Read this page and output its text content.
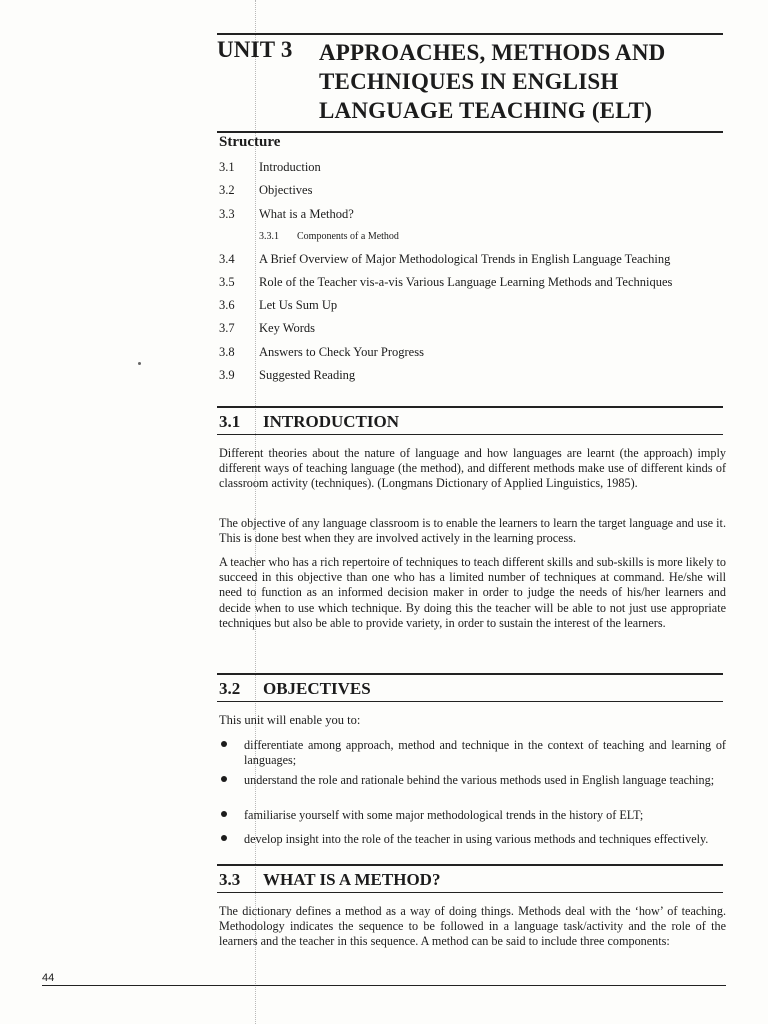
UNIT 3 APPROACHES, METHODS AND
TECHNIQUES IN ENGLISH
LANGUAGE TEACHING (ELT)
Structure
3.1 Introduction
3.2 Objectives
3.3 What is a Method?
3.3.1 Components of a Method
3.4 A Brief Overview of Major Methodological Trends in English Language Teaching
3.5 Role of the Teacher vis-a-vis Various Language Learning Methods and Techniques
3.6 Let Us Sum Up
3.7 Key Words
3.8 Answers to Check Your Progress
3.9 Suggested Reading
3.1 INTRODUCTION
Different theories about the nature of language and how languages are learnt (the approach) imply different ways of teaching language (the method), and different methods make use of different kinds of classroom activity (techniques). (Longmans Dictionary of Applied Linguistics, 1985).
The objective of any language classroom is to enable the learners to learn the target language and use it. This is done best when they are involved actively in the learning process.
A teacher who has a rich repertoire of techniques to teach different skills and sub-skills is more likely to succeed in this objective than one who has a limited number of techniques at command. He/she will need to function as an informed decision maker in order to judge the needs of his/her learners and decide when to use which technique. By doing this the teacher will be able to not just use appropriate techniques but also be able to provide variety, in order to sustain the interest of the learners.
3.2 OBJECTIVES
This unit will enable you to:
differentiate among approach, method and technique in the context of teaching and learning of languages;
understand the role and rationale behind the various methods used in English language teaching;
familiarise yourself with some major methodological trends in the history of ELT;
develop insight into the role of the teacher in using various methods and techniques effectively.
3.3 WHAT IS A METHOD?
The dictionary defines a method as a way of doing things. Methods deal with the ‘how’ of teaching. Methodology indicates the sequence to be followed in a language task/activity and the role of the learners and the teacher in this sequence. A method can be said to include three components:
44
